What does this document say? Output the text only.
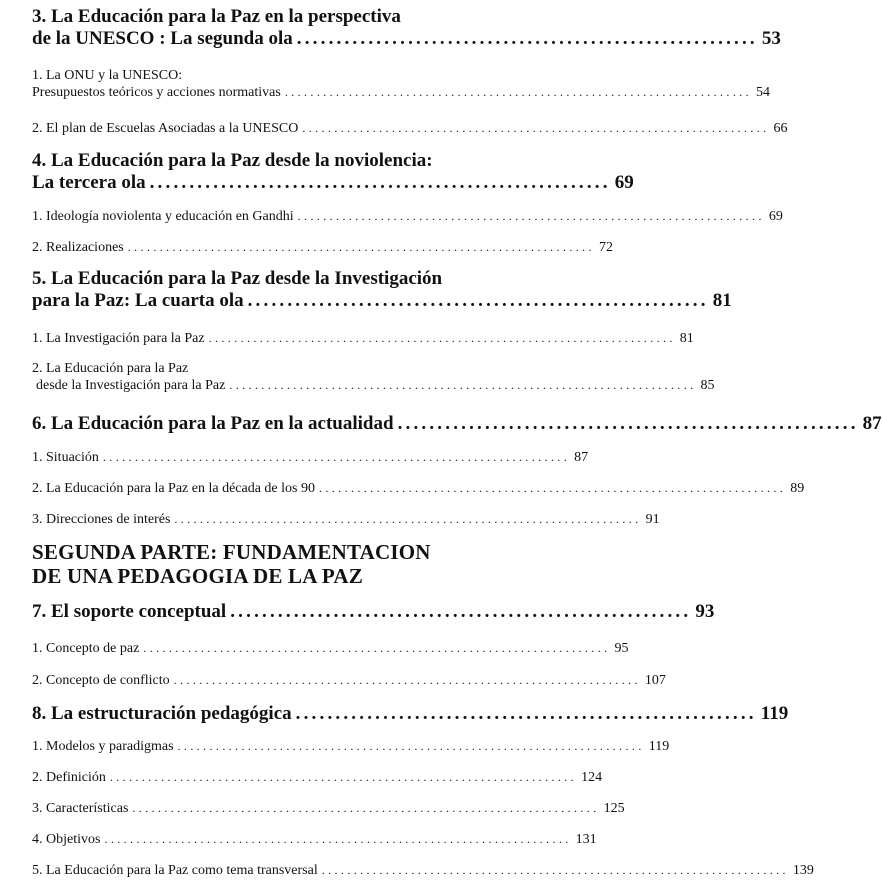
3. La Educación para la Paz en la perspectiva
de la UNESCO : La segunda ola .......................................................... 53
1. La ONU y la UNESCO:
Presupuestos teóricos y acciones normativas ......................................................................... 54
2. El plan de Escuelas Asociadas a la UNESCO ......................................................................... 66
4. La Educación para la Paz desde la noviolencia:
La tercera ola .......................................................... 69
1. Ideología noviolenta y educación en Gandhi ......................................................................... 69
2. Realizaciones ......................................................................... 72
5. La Educación para la Paz desde la Investigación
para la Paz: La cuarta ola .......................................................... 81
1. La Investigación para la Paz ......................................................................... 81
2. La Educación para la Paz
desde la Investigación para la Paz ......................................................................... 85
6. La Educación para la Paz en la actualidad .......................................................... 87
1. Situación ......................................................................... 87
2. La Educación para la Paz en la década de los 90 ......................................................................... 89
3. Direcciones de interés ......................................................................... 91
SEGUNDA PARTE: FUNDAMENTACION
DE UNA PEDAGOGIA DE LA PAZ
7. El soporte conceptual .......................................................... 93
1. Concepto de paz ......................................................................... 95
2. Concepto de conflicto ......................................................................... 107
8. La estructuración pedagógica .......................................................... 119
1. Modelos y paradigmas ......................................................................... 119
2. Definición ......................................................................... 124
3. Características ......................................................................... 125
4. Objetivos ......................................................................... 131
5. La Educación para la Paz como tema transversal ......................................................................... 139
